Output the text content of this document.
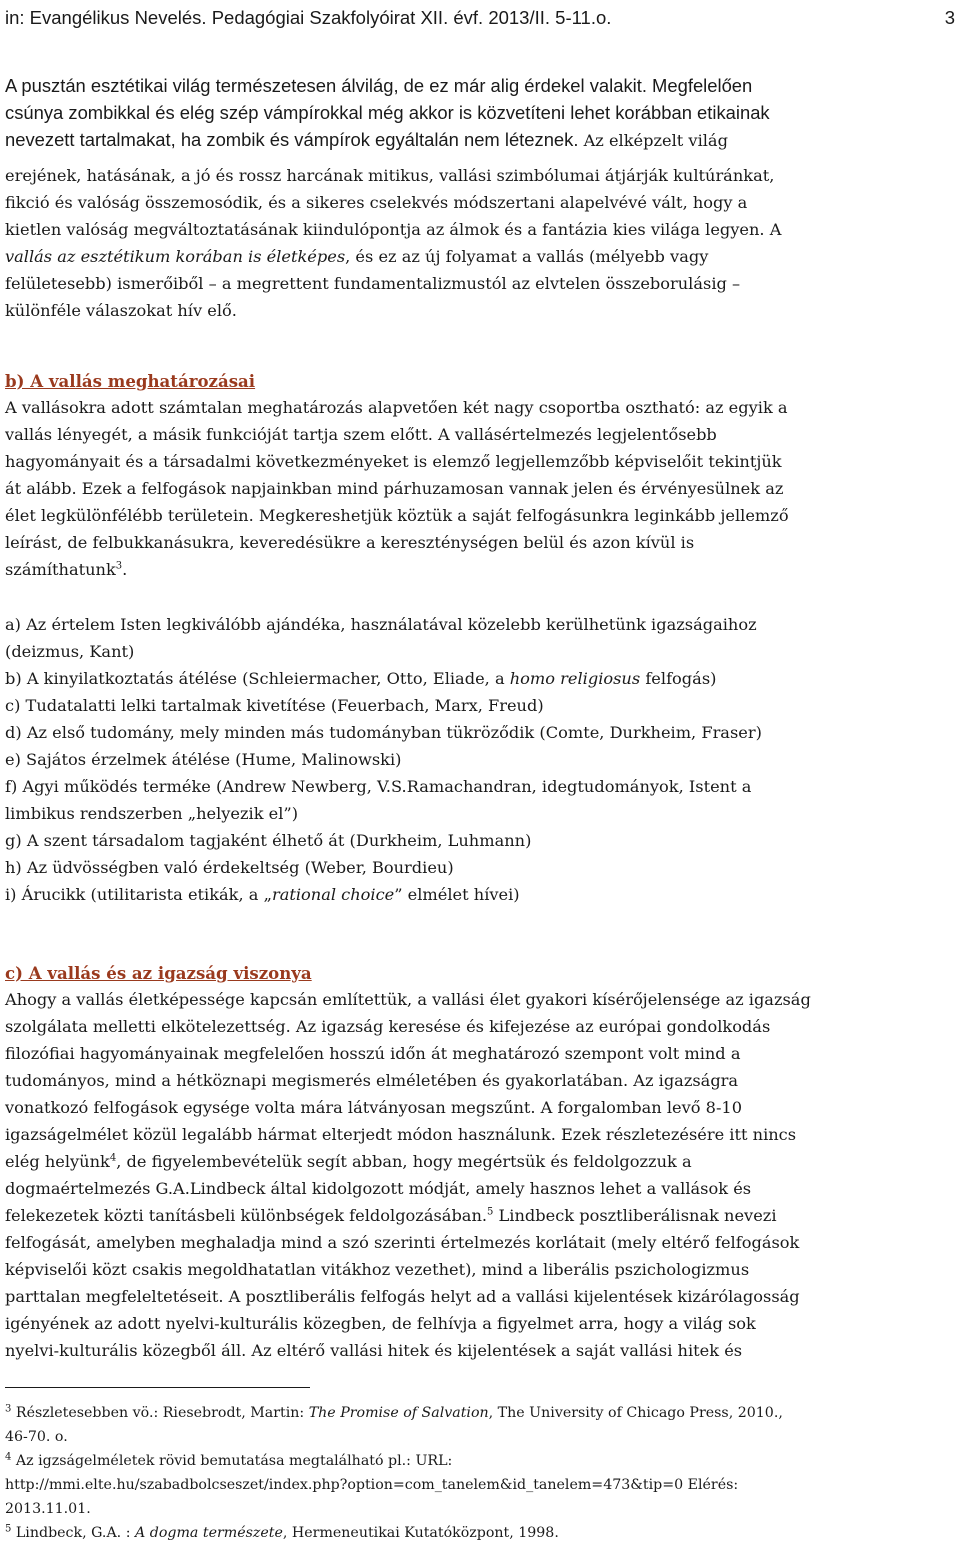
in: Evangélikus Nevelés. Pedagógiai Szakfolyóirat XII. évf. 2013/II. 5-11.o.	3
A pusztán esztétikai világ természetesen álvilág, de ez már alig érdekel valakit. Megfelelően
csúnya zombikkal és elég szép vámpírokkal még akkor is közvetíteni lehet korábban etikainak
nevezett tartalmakat, ha zombik és vámpírok egyáltalán nem léteznek. Az elképzelt világ
erejének, hatásának, a jó és rossz harcának mitikus, vallási szimbólumai átjárják kultúránkat,
fikció és valóság összemosódik, és a sikeres cselekvés módszertani alapelvévé vált, hogy a
kietlen valóság megváltoztatásának kiindulópontja az álmok és a fantázia kies világa legyen. A
vallás az esztétikum korában is életképes, és ez az új folyamat a vallás (mélyebb vagy
felületesebb) ismerőiből – a megrettent fundamentalizmustól az elvtelen összeborulásig –
különféle válaszokat hív elő.
b) A vallás meghatározásai
A vallásokra adott számtalan meghatározás alapvetően két nagy csoportba osztható: az egyik a
vallás lényegét, a másik funkcióját tartja szem előtt. A vallásértelmezés legjelentősebb
hagyományait és a társadalmi következményeket is elemző legjellemzőbb képviselőit tekintjük
át alább. Ezek a felfogások napjainkban mind párhuzamosan vannak jelen és érvényesülnek az
élet legkülönfélébb területein. Megkereshetjük köztük a saját felfogásunkra leginkább jellemző
leírást, de felbukkanásukra, keveredésükre a kereszténységen belül és azon kívül is
számíthatunk$^3$.
a) Az értelem Isten legkiválóbb ajándéka, használatával közelebb kerülhetünk igazságaihoz
(deizmus, Kant)
b) A kinyilatkoztatás átélése (Schleiermacher, Otto, Eliade, a homo religiosus felfogás)
c) Tudatalatti lelki tartalmak kivetítése (Feuerbach, Marx, Freud)
d) Az első tudomány, mely minden más tudományban tükröződik (Comte, Durkheim, Fraser)
e) Sajátos érzelmek átélése (Hume, Malinowski)
f) Agyi működés terméke (Andrew Newberg, V.S.Ramachandran, idegtudományok, Istent a
limbikus rendszerben „helyezik el”)
g) A szent társadalom tagjaként élhető át (Durkheim, Luhmann)
h) Az üdvösségben való érdekeltség (Weber, Bourdieu)
i) Árucikk (utilitarista etikák, a „rational choice” elmélet hívei)
c) A vallás és az igazság viszonya
Ahogy a vallás életképessége kapcsán említettük, a vallási élet gyakori kísérőjelensége az igazság
szolgálata melletti elkötelezettség. Az igazság keresése és kifejezése az európai gondolkodás
filozófiai hagyományainak megfelelően hosszú időn át meghatározó szempont volt mind a
tudományos, mind a hétköznapi megismerés elméletében és gyakorlatában. Az igazságra
vonatkozó felfogások egysége volta mára látványosan megszűnt. A forgalomban levő 8-10
igazságelmélet közül legalább hármat elterjedt módon használunk. Ezek részletezésére itt nincs
elég helyünk$^4$, de figyelembevételük segít abban, hogy megértsük és feldolgozzuk a
dogmaértelmezés G.A.Lindbeck által kidolgozott módját, amely hasznos lehet a vallások és
felekezetek közti tanításbeli különbségek feldolgozásában.$^5$ Lindbeck posztliberálisnak nevezi
felfogását, amelyben meghaladja mind a szó szerinti értelmezés korlátait (mely eltérő felfogások
képviselői közt csakis megoldhatatlan vitákhoz vezethet), mind a liberális pszichologizmus
parttalan megfeleltetéseit. A posztliberális felfogás helyt ad a vallási kijelentések kizárólagosság
igényének az adott nyelvi-kulturális közegben, de felhívja a figyelmet arra, hogy a világ sok
nyelvi-kulturális közegből áll. Az eltérő vallási hitek és kijelentések a saját vallási hitek és
$^3$ Részletesebben vö.: Riesebrodt, Martin: The Promise of Salvation, The University of Chicago Press, 2010.,
46-70. o.
$^4$ Az igzságelméletek rövid bemutatása megtalálható pl.: URL:
http://mmi.elte.hu/szabadbolcseszet/index.php?option=com_tanelem&id_tanelem=473&tip=0 Elérés:
2013.11.01.
$^5$ Lindbeck, G.A. : A dogma természete, Hermeneutikai Kutatóközpont, 1998.
